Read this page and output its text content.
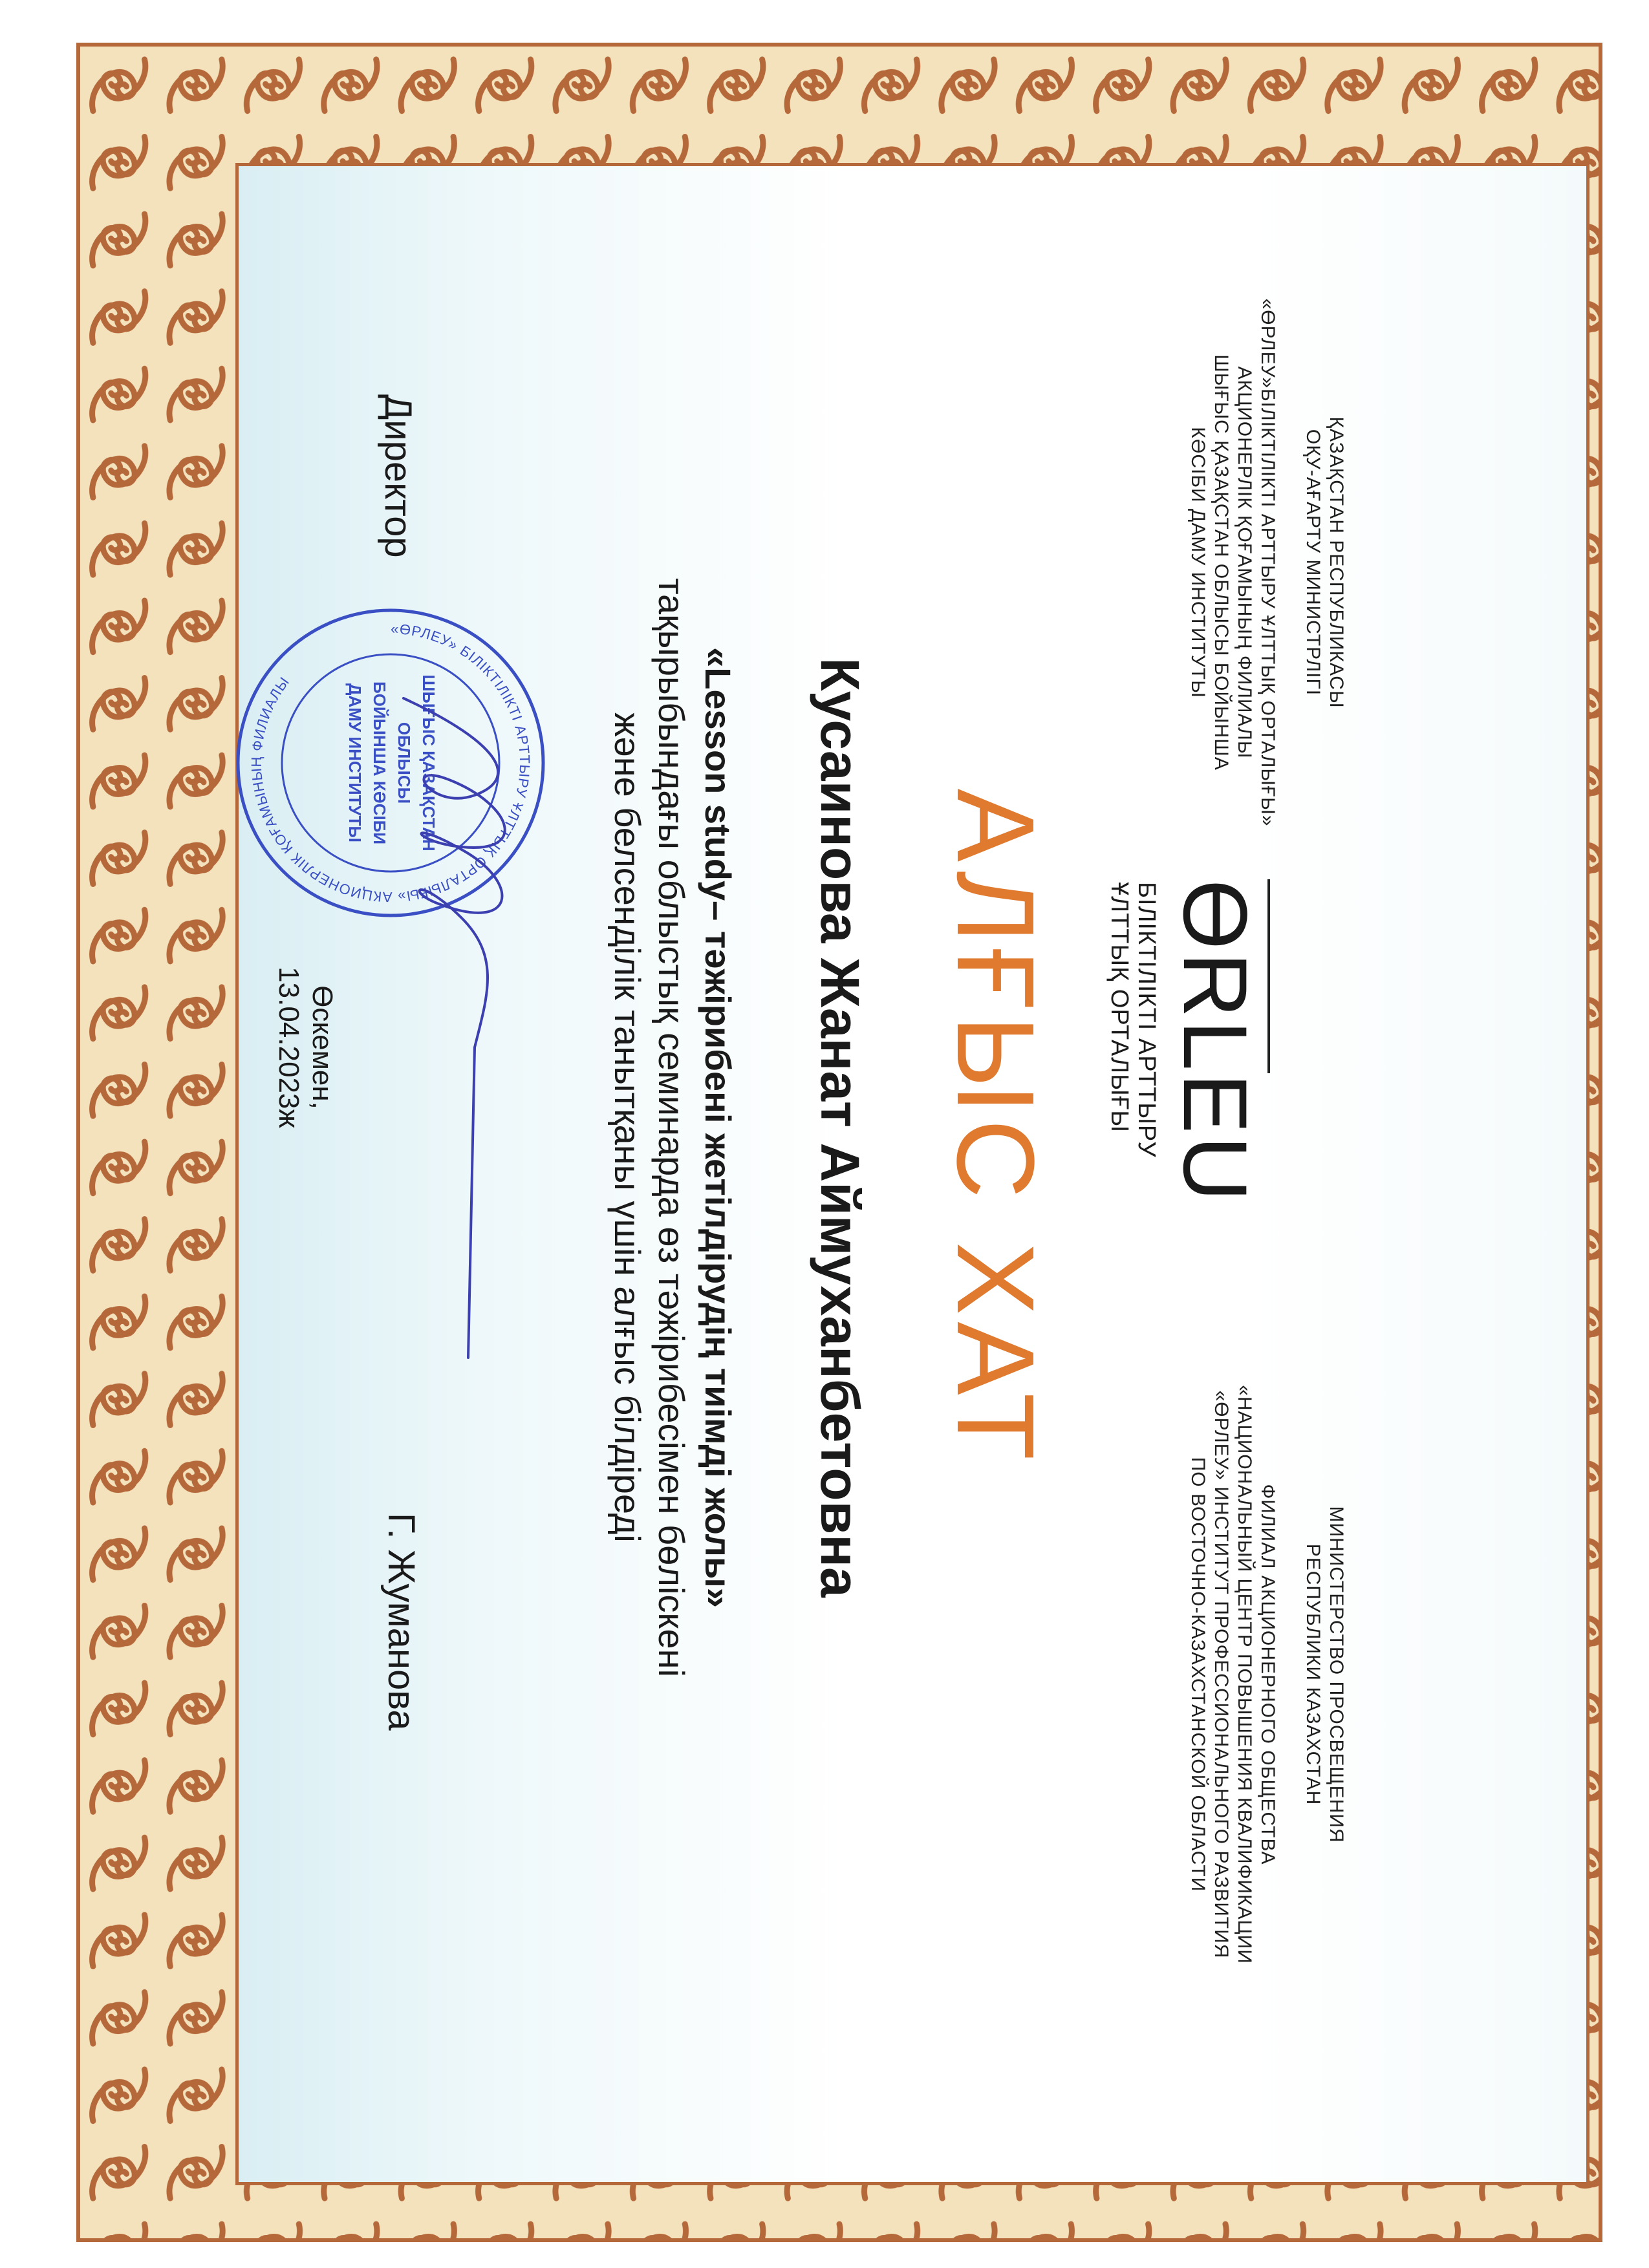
ҚАЗАҚСТАН РЕСПУБЛИКАСЫ
ОҚУ-АҒАРТУ МИНИСТРЛІГІ
«ӨРЛЕУ»БІЛІКТІЛІКТІ АРТТЫРУ ҰЛТТЫҚ ОРТАЛЫҒЫ»
АКЦИОНЕРЛІК ҚОҒАМЫНЫҢ ФИЛИАЛЫ
ШЫҒЫС ҚАЗАҚСТАН ОБЛЫСЫ БОЙЫНША
КӘСІБИ ДАМУ ИНСТИТУТЫ
ӨRLEU
БІЛІКТІЛІКТІ АРТТЫРУ
ҰЛТТЫҚ ОРТАЛЫҒЫ
МИНИСТЕРСТВО ПРОСВЕЩЕНИЯ
РЕСПУБЛИКИ КАЗАХСТАН
ФИЛИАЛ АКЦИОНЕРНОГО ОБЩЕСТВА
«НАЦИОНАЛЬНЫЙ ЦЕНТР ПОВЫШЕНИЯ КВАЛИФИКАЦИИ
«ӨРЛЕУ» ИНСТИТУТ ПРОФЕССИОНАЛЬНОГО РАЗВИТИЯ
ПО ВОСТОЧНО-КАЗАХСТАНСКОЙ ОБЛАСТИ
АЛҒЫС ХАТ
Кусаинова Жанат Аймуханбетовна
«Lesson study– тәжірибені жетілдірудің тиімді жолы»
тақырыбындағы облыстық семинарда өз тәжірибесімен бөліскені
және белсенділік танытқаны үшін алғыс білдіреді
«ӨРЛЕУ» БІЛІКТІЛІКТІ АРТТЫРУ ҰЛТТЫҚ ОРТАЛЫҒЫ» АКЦИОНЕРЛІК ҚОҒАМЫНЫҢ ФИЛИАЛЫ	ШЫҒЫС ҚАЗАҚСТАН
ОБЛЫСЫ
БОЙЫНША КӘСІБИ
ДАМУ ИНСТИТУТЫ
Директор
Г. Жуманова
Өскемен,
13.04.2023ж
